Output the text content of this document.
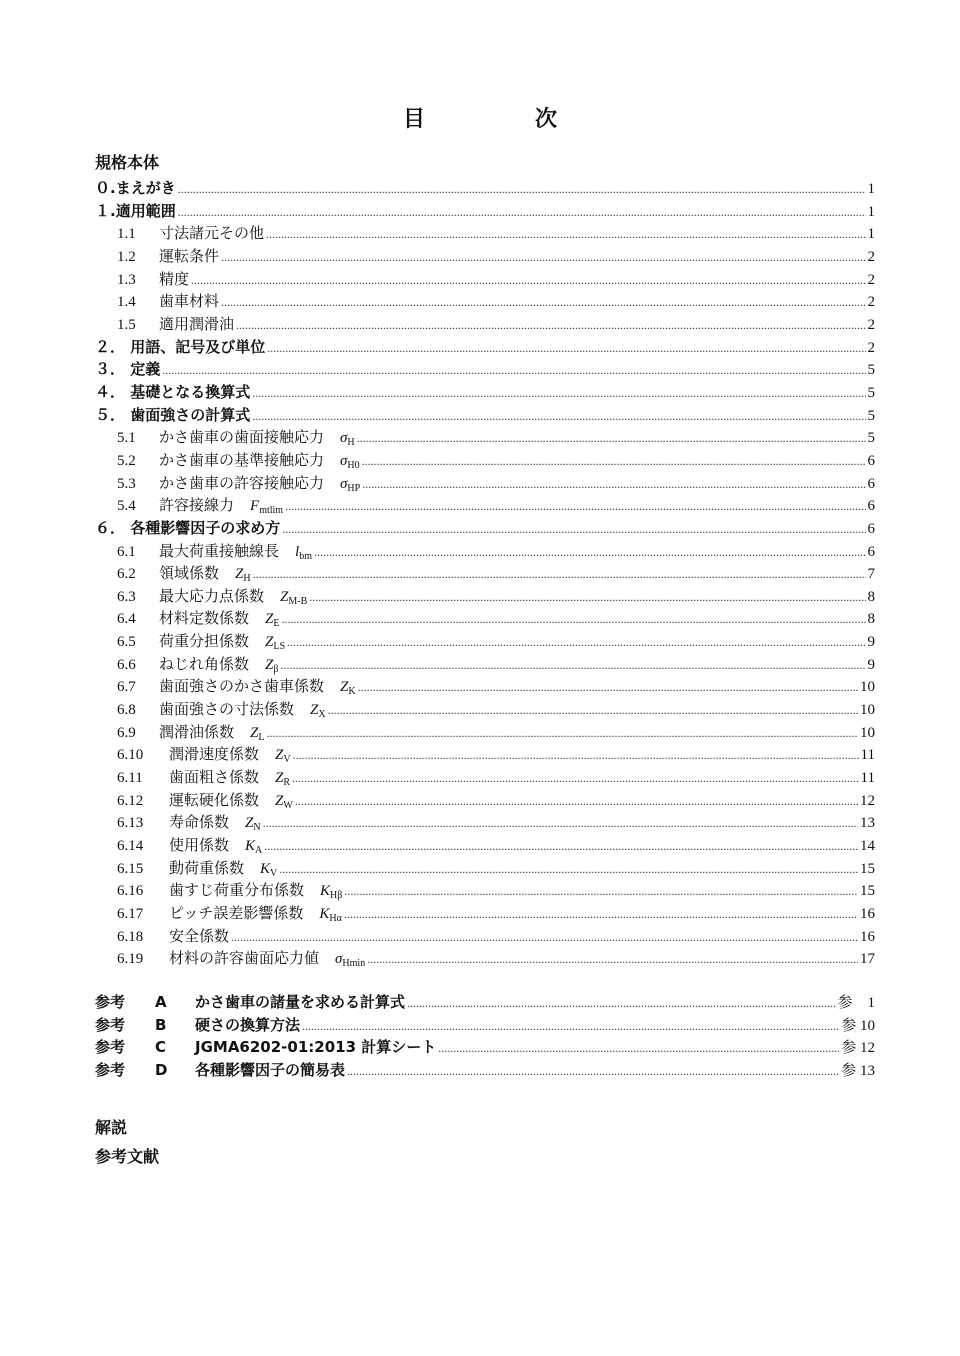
目　次
規格本体
０.まえがき .....	1
１.適用範囲 .....	1
1.1 寸法諸元その他 .....	1
1.2 運転条件 .....	2
1.3 精度 .....	2
1.4 歯車材料 .....	2
1.5 適用潤滑油 .....	2
２． 用語、記号及び単位 .....	2
３． 定義 .....	5
４． 基礎となる換算式 .....	5
５． 歯面強さの計算式 .....	5
5.1 かさ歯車の歯面接触応力 $\sigma_H$ .....	5
5.2 かさ歯車の基準接触応力 $\sigma_{H0}$ .....	6
5.3 かさ歯車の許容接触応力 $\sigma_{HP}$ .....	6
5.4 許容接線力 $F_{mtlim}$ .....	6
６． 各種影響因子の求め方 .....	6
6.1 最大荷重接触線長 $l_{bm}$ .....	6
6.2 領域係数 $Z_H$ .....	7
6.3 最大応力点係数 $Z_{M-B}$ .....	8
6.4 材料定数係数 $Z_E$ .....	8
6.5 荷重分担係数 $Z_{LS}$ .....	9
6.6 ねじれ角係数 $Z_\beta$ .....	9
6.7 歯面強さのかさ歯車係数 $Z_K$ .....	10
6.8 歯面強さの寸法係数 $Z_X$ .....	10
6.9 潤滑油係数 $Z_L$ .....	10
6.10 潤滑速度係数 $Z_V$ .....	11
6.11 歯面粗さ係数 $Z_R$ .....	11
6.12 運転硬化係数 $Z_W$ .....	12
6.13 寿命係数 $Z_N$ .....	13
6.14 使用係数 $K_A$ .....	14
6.15 動荷重係数 $K_V$ .....	15
6.16 歯すじ荷重分布係数 $K_{H\beta}$ .....	15
6.17 ピッチ誤差影響係数 $K_{H\alpha}$ .....	16
6.18 安全係数 .....	16
6.19 材料の許容歯面応力値 $\sigma_{Hmin}$ .....	17
参考 A かさ歯車の諸量を求める計算式 .....	参　1
参考 B 硬さの換算方法 .....	参 10
参考 C JGMA6202-01:2013 計算シート .....	参 12
参考 D 各種影響因子の簡易表 .....	参 13
解説
参考文献
